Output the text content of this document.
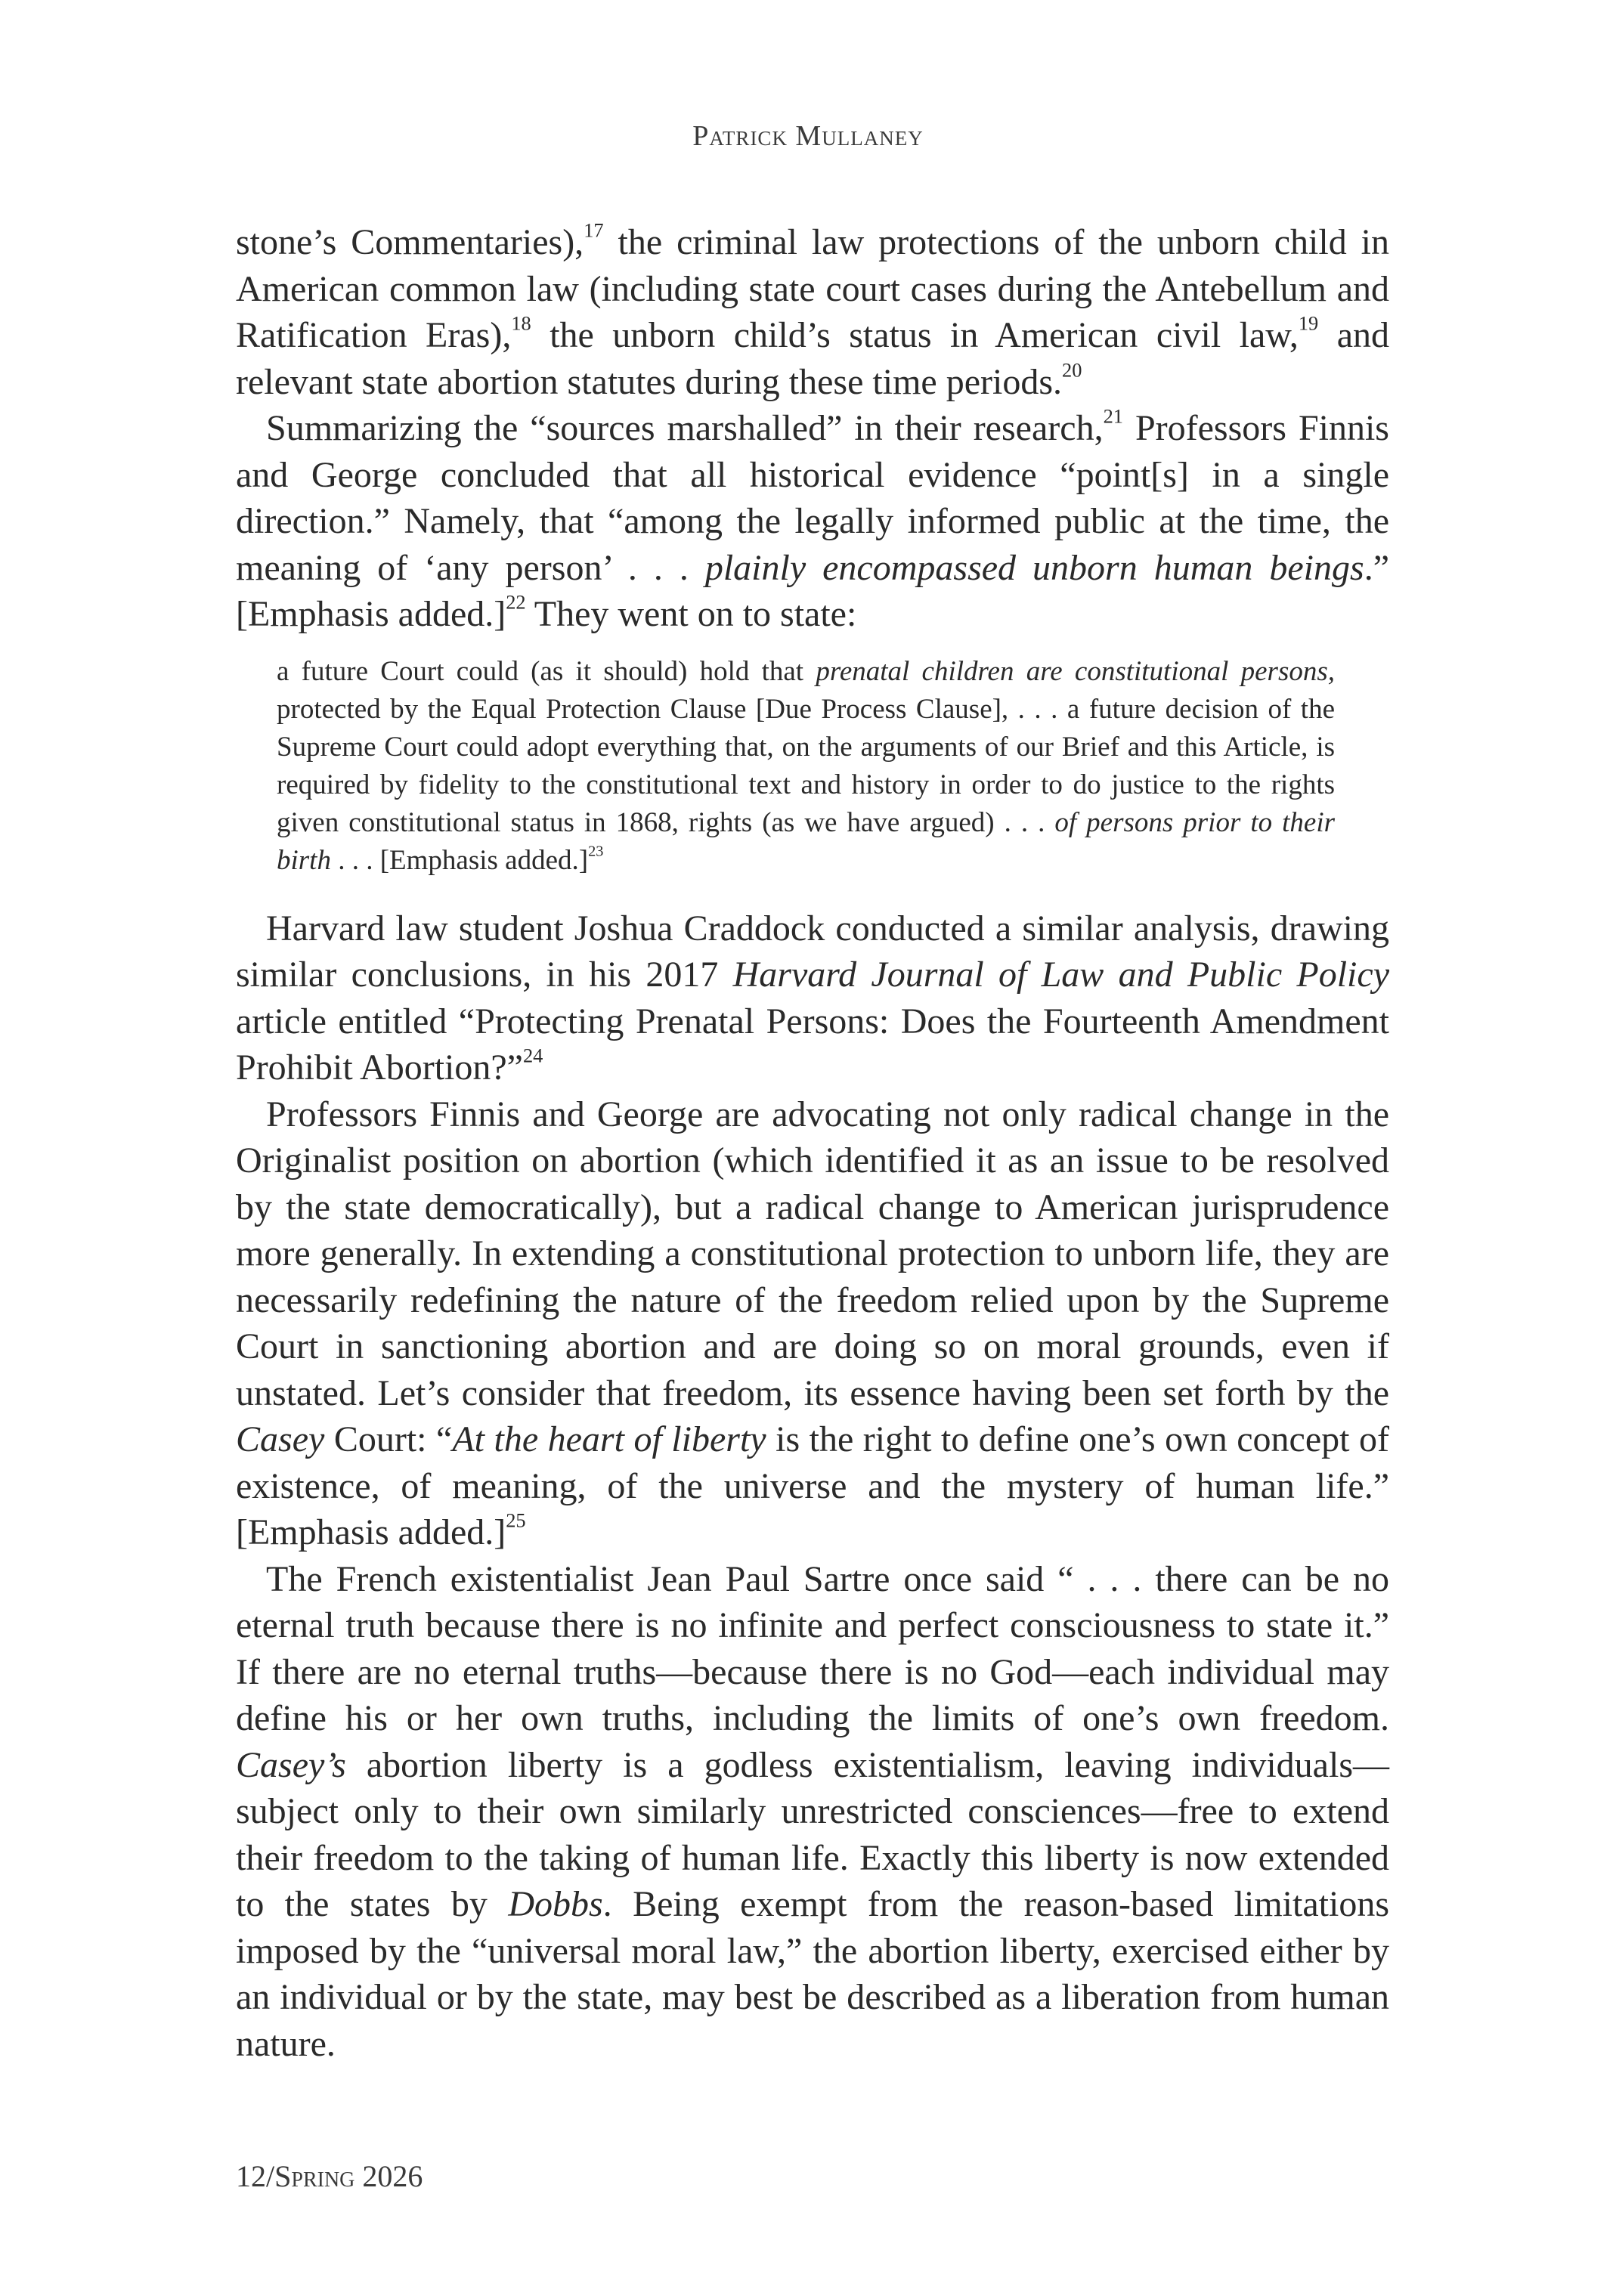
Patrick Mullaney

stone’s Commentaries),$^{17}$ the criminal law protections of the unborn child in American common law (including state court cases during the Antebellum and Ratification Eras),$^{18}$ the unborn child’s status in American civil law,$^{19}$ and relevant state abortion statutes during these time periods.$^{20}$

Summarizing the “sources marshalled” in their research,$^{21}$ Professors Finnis and George concluded that all historical evidence “point[s] in a single direction.” Namely, that “among the legally informed public at the time, the meaning of ‘any person’ . . . plainly encompassed unborn human beings.” [Emphasis added.]$^{22}$ They went on to state:

a future Court could (as it should) hold that prenatal children are constitutional persons, protected by the Equal Protection Clause [Due Process Clause], . . . a future decision of the Supreme Court could adopt everything that, on the arguments of our Brief and this Article, is required by fidelity to the constitutional text and history in order to do justice to the rights given constitutional status in 1868, rights (as we have argued) . . . of persons prior to their birth . . . [Emphasis added.]$^{23}$

Harvard law student Joshua Craddock conducted a similar analysis, drawing similar conclusions, in his 2017 Harvard Journal of Law and Public Policy article entitled “Protecting Prenatal Persons: Does the Fourteenth Amendment Prohibit Abortion?”$^{24}$

Professors Finnis and George are advocating not only radical change in the Originalist position on abortion (which identified it as an issue to be resolved by the state democratically), but a radical change to American jurisprudence more generally. In extending a constitutional protection to unborn life, they are necessarily redefining the nature of the freedom relied upon by the Supreme Court in sanctioning abortion and are doing so on moral grounds, even if unstated. Let’s consider that freedom, its essence having been set forth by the Casey Court: “At the heart of liberty is the right to define one’s own concept of existence, of meaning, of the universe and the mystery of human life.” [Emphasis added.]$^{25}$

The French existentialist Jean Paul Sartre once said “ . . . there can be no eternal truth because there is no infinite and perfect consciousness to state it.” If there are no eternal truths—because there is no God—each individual may define his or her own truths, including the limits of one’s own freedom. Casey’s abortion liberty is a godless existentialism, leaving individuals—subject only to their own similarly unrestricted consciences—free to extend their freedom to the taking of human life. Exactly this liberty is now extended to the states by Dobbs. Being exempt from the reason-based limitations imposed by the “universal moral law,” the abortion liberty, exercised either by an individual or by the state, may best be described as a liberation from human nature.

12/Spring 2026
